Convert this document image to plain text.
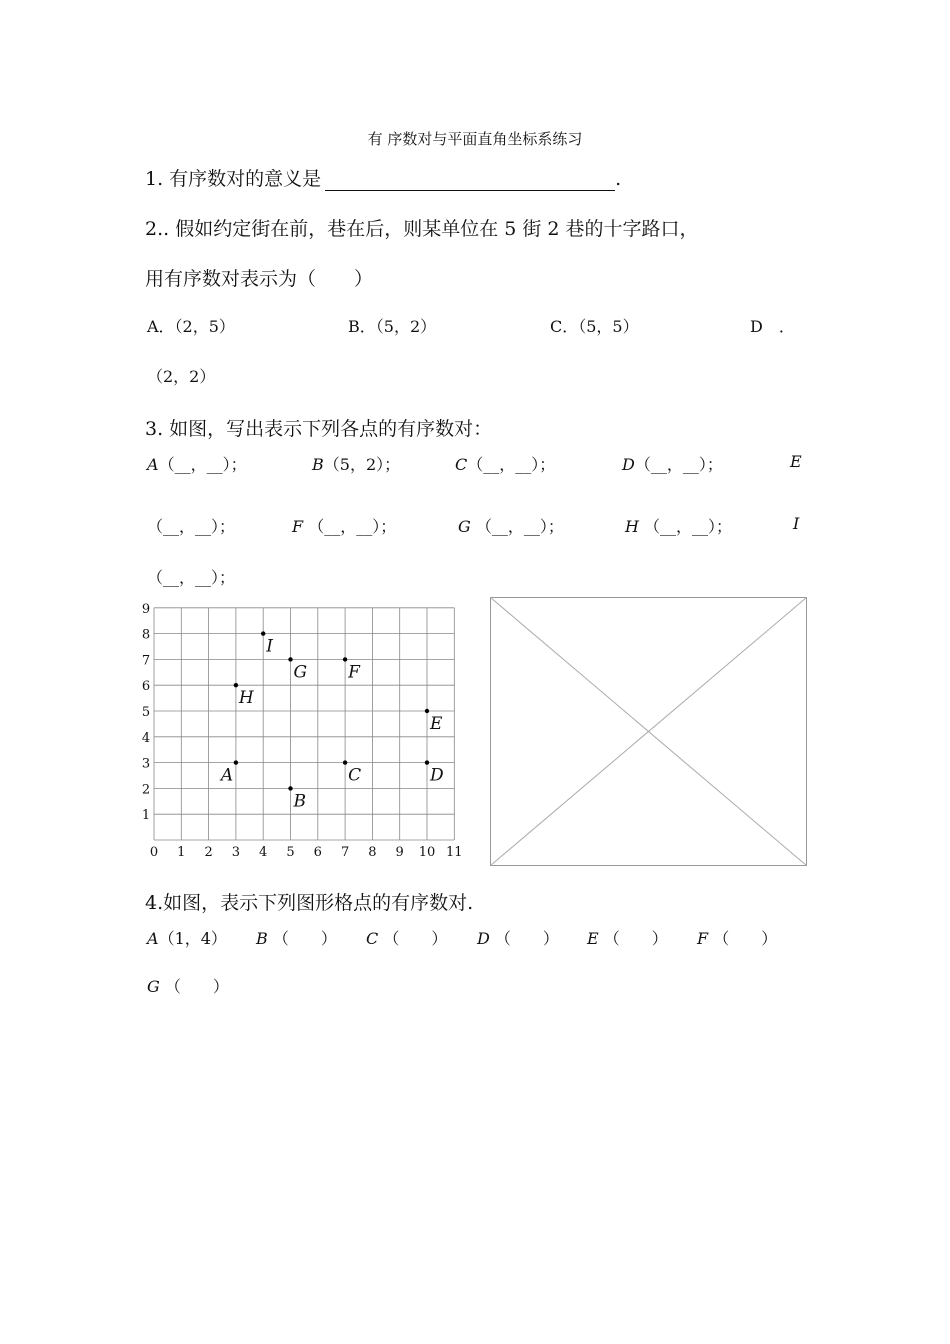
有 序数对与平面直角坐标系练习
1. 有序数对的意义是	.
2.. 假如约定街在前，巷在后，则某单位在 5 街 2 巷的十字路口，
用有序数对表示为（　　）
A．（2，5）	B．（5，2）	C．（5，5）	D　．
（2，2）
3. 如图，写出表示下列各点的有序数对：
A（__，__）；	B（5，2）；	C（__，__）；	D（__，__）；	E
（__，__）；	F （__，__）；	G （__，__）；	H （__，__）；	I
（__，__）；
0 1 2 3 4 5 6 7 8 9 10 11
1
2
3
4
5
6
7
8
9
A
B
C	D
E
F
G
H
I
4.如图，表示下列图形格点的有序数对.
A（1，4） B （　　） C （　　） D （　　） E （　　） F （　　）
G （　　）
